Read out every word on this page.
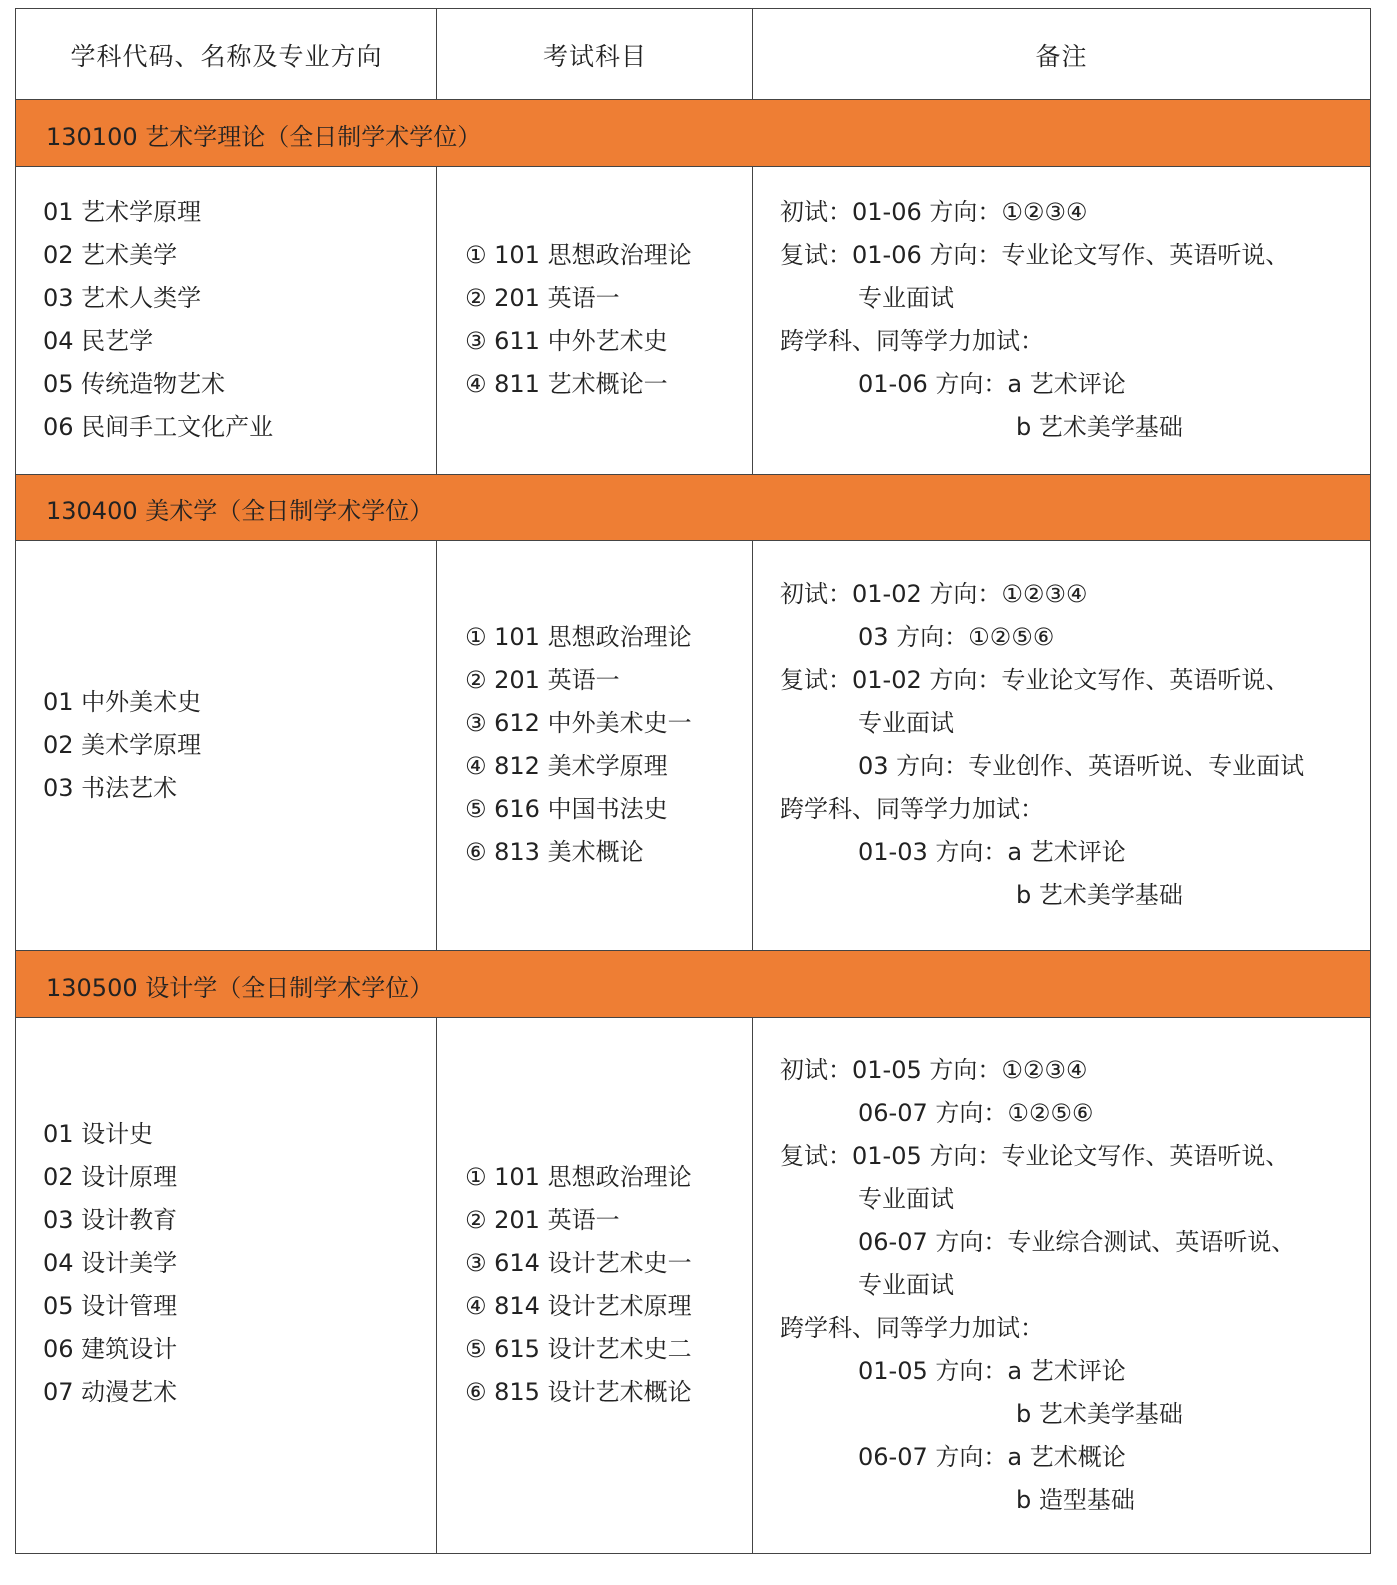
学科代码、名称及专业方向	考试科目	备注
130100 艺术学理论（全日制学术学位）
130400 美术学（全日制学术学位）
130500 设计学（全日制学术学位）
01 艺术学原理
02 艺术美学
03 艺术人类学
04 民艺学
05 传统造物艺术
06 民间手工文化产业
① 101 思想政治理论
② 201 英语一
③ 611 中外艺术史
④ 811 艺术概论一
初试：01-06 方向：①②③④
复试：01-06 方向：专业论文写作、英语听说、
专业面试
跨学科、同等学力加试：
01-06 方向：a 艺术评论
b 艺术美学基础
01 中外美术史
02 美术学原理
03 书法艺术
① 101 思想政治理论
② 201 英语一
③ 612 中外美术史一
④ 812 美术学原理
⑤ 616 中国书法史
⑥ 813 美术概论
初试：01-02 方向：①②③④
03 方向：①②⑤⑥
复试：01-02 方向：专业论文写作、英语听说、
专业面试
03 方向：专业创作、英语听说、专业面试
跨学科、同等学力加试：
01-03 方向：a 艺术评论
b 艺术美学基础
01 设计史
02 设计原理
03 设计教育
04 设计美学
05 设计管理
06 建筑设计
07 动漫艺术
① 101 思想政治理论
② 201 英语一
③ 614 设计艺术史一
④ 814 设计艺术原理
⑤ 615 设计艺术史二
⑥ 815 设计艺术概论
初试：01-05 方向：①②③④
06-07 方向：①②⑤⑥
复试：01-05 方向：专业论文写作、英语听说、
专业面试
06-07 方向：专业综合测试、英语听说、
专业面试
跨学科、同等学力加试：
01-05 方向：a 艺术评论
b 艺术美学基础
06-07 方向：a 艺术概论
b 造型基础
